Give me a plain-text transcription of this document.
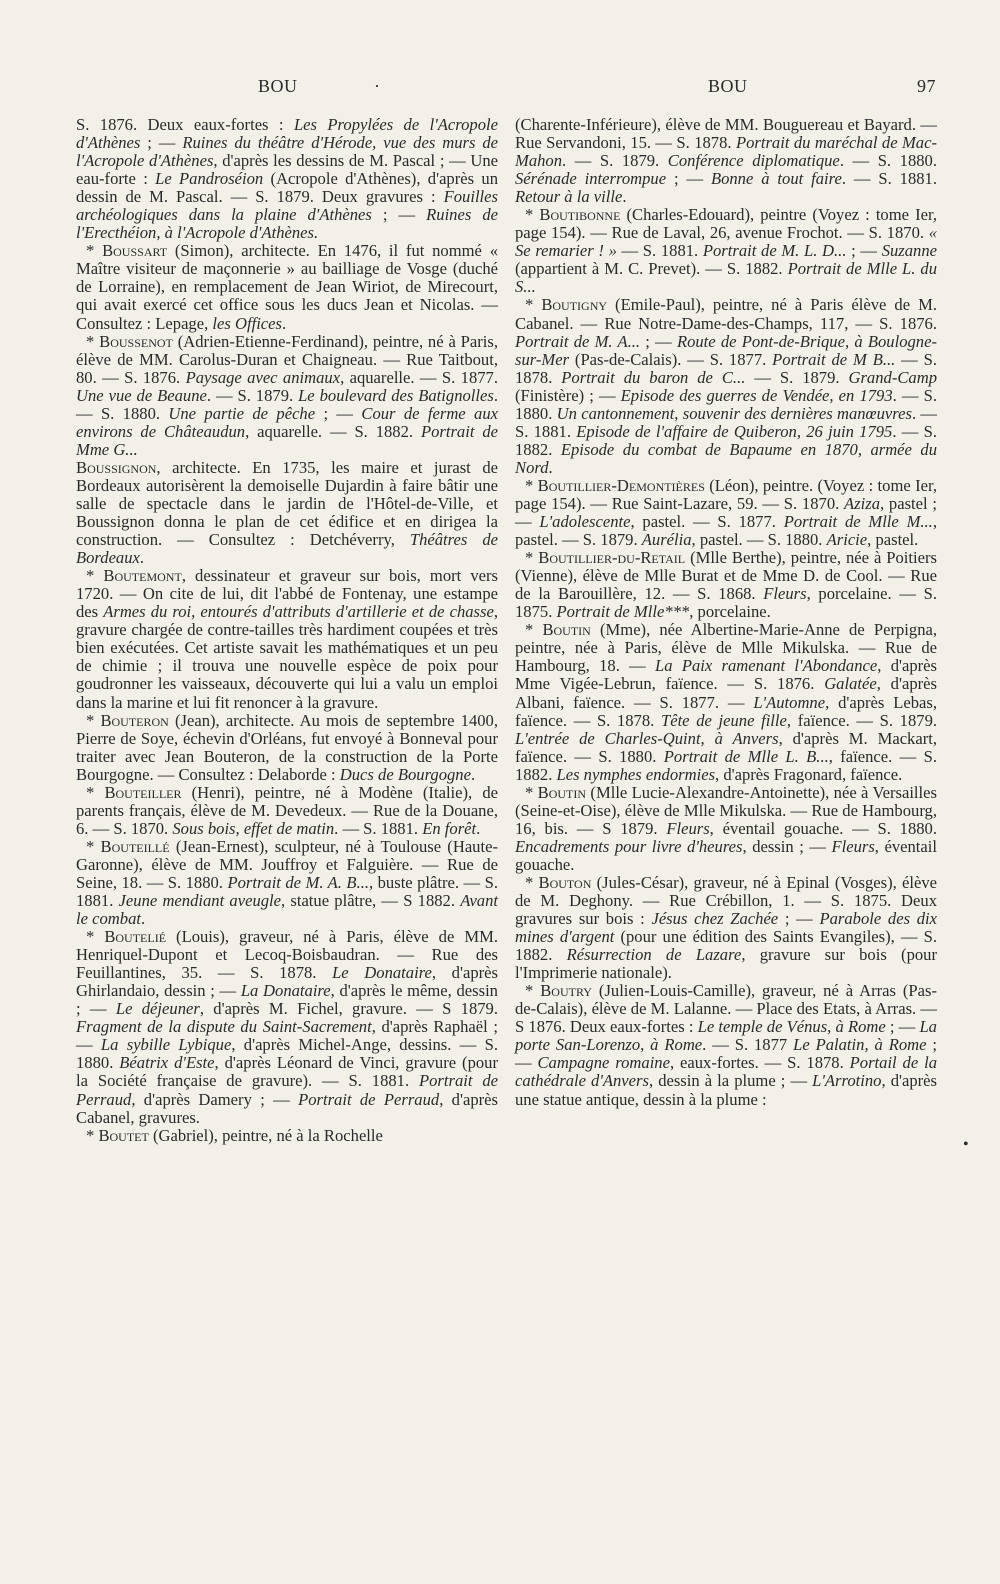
BOU	·	BOU	97

S. 1876. Deux eaux-fortes : Les Propylées de l'Acropole d'Athènes ; — Ruines du théâtre d'Hérode, vue des murs de l'Acropole d'Athènes, d'après les dessins de M. Pascal ; — Une eau-forte : Le Pandroséion (Acropole d'Athènes), d'après un dessin de M. Pascal. — S. 1879. Deux gravures : Fouilles archéologiques dans la plaine d'Athènes ; — Ruines de l'Erecthéion, à l'Acropole d'Athènes.

* Boussart (Simon), architecte. En 1476, il fut nommé « Maître visiteur de maçonnerie » au bailliage de Vosge (duché de Lorraine), en remplacement de Jean Wiriot, de Mirecourt, qui avait exercé cet office sous les ducs Jean et Nicolas. — Consultez : Lepage, les Offices.

* Boussenot (Adrien-Etienne-Ferdinand), peintre, né à Paris, élève de MM. Carolus-Duran et Chaigneau. — Rue Taitbout, 80. — S. 1876. Paysage avec animaux, aquarelle. — S. 1877. Une vue de Beaune. — S. 1879. Le boulevard des Batignolles. — S. 1880. Une partie de pêche ; — Cour de ferme aux environs de Châteaudun, aquarelle. — S. 1882. Portrait de Mme G...

Boussignon, architecte. En 1735, les maire et jurast de Bordeaux autorisèrent la demoiselle Dujardin à faire bâtir une salle de spectacle dans le jardin de l'Hôtel-de-Ville, et Boussignon donna le plan de cet édifice et en dirigea la construction. — Consultez : Detchéverry, Théâtres de Bordeaux.

* Boutemont, dessinateur et graveur sur bois, mort vers 1720. — On cite de lui, dit l'abbé de Fontenay, une estampe des Armes du roi, entourés d'attributs d'artillerie et de chasse, gravure chargée de contre-tailles très hardiment coupées et très bien exécutées. Cet artiste savait les mathématiques et un peu de chimie ; il trouva une nouvelle espèce de poix pour goudronner les vaisseaux, découverte qui lui a valu un emploi dans la marine et lui fit renoncer à la gravure.

* Bouteron (Jean), architecte. Au mois de septembre 1400, Pierre de Soye, échevin d'Orléans, fut envoyé à Bonneval pour traiter avec Jean Bouteron, de la construction de la Porte Bourgogne. — Consultez : Delaborde : Ducs de Bourgogne.

* Bouteiller (Henri), peintre, né à Modène (Italie), de parents français, élève de M. Devedeux. — Rue de la Douane, 6. — S. 1870. Sous bois, effet de matin. — S. 1881. En forêt.

* Bouteillé (Jean-Ernest), sculpteur, né à Toulouse (Haute-Garonne), élève de MM. Jouffroy et Falguière. — Rue de Seine, 18. — S. 1880. Portrait de M. A. B..., buste plâtre. — S. 1881. Jeune mendiant aveugle, statue plâtre, — S 1882. Avant le combat.

* Boutelié (Louis), graveur, né à Paris, élève de MM. Henriquel-Dupont et Lecoq-Boisbaudran. — Rue des Feuillantines, 35. — S. 1878. Le Donataire, d'après Ghirlandaio, dessin ; — La Donataire, d'après le même, dessin ; — Le déjeuner, d'après M. Fichel, gravure. — S 1879. Fragment de la dispute du Saint-Sacrement, d'après Raphaël ; — La sybille Lybique, d'après Michel-Ange, dessins. — S. 1880. Béatrix d'Este, d'après Léonard de Vinci, gravure (pour la Société française de gravure). — S. 1881. Portrait de Perraud, d'après Damery ; — Portrait de Perraud, d'après Cabanel, gravures.

* Boutet (Gabriel), peintre, né à la Rochelle

(Charente-Inférieure), élève de MM. Bouguereau et Bayard. — Rue Servandoni, 15. — S. 1878. Portrait du maréchal de Mac-Mahon. — S. 1879. Conférence diplomatique. — S. 1880. Sérénade interrompue ; — Bonne à tout faire. — S. 1881. Retour à la ville.

* Boutibonne (Charles-Edouard), peintre (Voyez : tome Ier, page 154). — Rue de Laval, 26, avenue Frochot. — S. 1870. « Se remarier ! » — S. 1881. Portrait de M. L. D... ; — Suzanne (appartient à M. C. Prevet). — S. 1882. Portrait de Mlle L. du S...

* Boutigny (Emile-Paul), peintre, né à Paris élève de M. Cabanel. — Rue Notre-Dame-des-Champs, 117, — S. 1876. Portrait de M. A... ; — Route de Pont-de-Brique, à Boulogne-sur-Mer (Pas-de-Calais). — S. 1877. Portrait de M B... — S. 1878. Portrait du baron de C... — S. 1879. Grand-Camp (Finistère) ; — Episode des guerres de Vendée, en 1793. — S. 1880. Un cantonnement, souvenir des dernières manœuvres. — S. 1881. Episode de l'affaire de Quiberon, 26 juin 1795. — S. 1882. Episode du combat de Bapaume en 1870, armée du Nord.

* Boutillier-Demontières (Léon), peintre. (Voyez : tome Ier, page 154). — Rue Saint-Lazare, 59. — S. 1870. Aziza, pastel ; — L'adolescente, pastel. — S. 1877. Portrait de Mlle M..., pastel. — S. 1879. Aurélia, pastel. — S. 1880. Aricie, pastel.

* Boutillier-du-Retail (Mlle Berthe), peintre, née à Poitiers (Vienne), élève de Mlle Burat et de Mme D. de Cool. — Rue de la Barouillère, 12. — S. 1868. Fleurs, porcelaine. — S. 1875. Portrait de Mlle***, porcelaine.

* Boutin (Mme), née Albertine-Marie-Anne de Perpigna, peintre, née à Paris, élève de Mlle Mikulska. — Rue de Hambourg, 18. — La Paix ramenant l'Abondance, d'après Mme Vigée-Lebrun, faïence. — S. 1876. Galatée, d'après Albani, faïence. — S. 1877. — L'Automne, d'après Lebas, faïence. — S. 1878. Tête de jeune fille, faïence. — S. 1879. L'entrée de Charles-Quint, à Anvers, d'après M. Mackart, faïence. — S. 1880. Portrait de Mlle L. B..., faïence. — S. 1882. Les nymphes endormies, d'après Fragonard, faïence.

* Boutin (Mlle Lucie-Alexandre-Antoinette), née à Versailles (Seine-et-Oise), élève de Mlle Mikulska. — Rue de Hambourg, 16, bis. — S 1879. Fleurs, éventail gouache. — S. 1880. Encadrements pour livre d'heures, dessin ; — Fleurs, éventail gouache.

* Bouton (Jules-César), graveur, né à Epinal (Vosges), élève de M. Deghony. — Rue Crébillon, 1. — S. 1875. Deux gravures sur bois : Jésus chez Zachée ; — Parabole des dix mines d'argent (pour une édition des Saints Evangiles), — S. 1882. Résurrection de Lazare, gravure sur bois (pour l'Imprimerie nationale).

* Boutry (Julien-Louis-Camille), graveur, né à Arras (Pas-de-Calais), élève de M. Lalanne. — Place des Etats, à Arras. — S 1876. Deux eaux-fortes : Le temple de Vénus, à Rome ; — La porte San-Lorenzo, à Rome. — S. 1877 Le Palatin, à Rome ; — Campagne romaine, eaux-fortes. — S. 1878. Portail de la cathédrale d'Anvers, dessin à la plume ; — L'Arrotino, d'après une statue antique, dessin à la plume :

•
